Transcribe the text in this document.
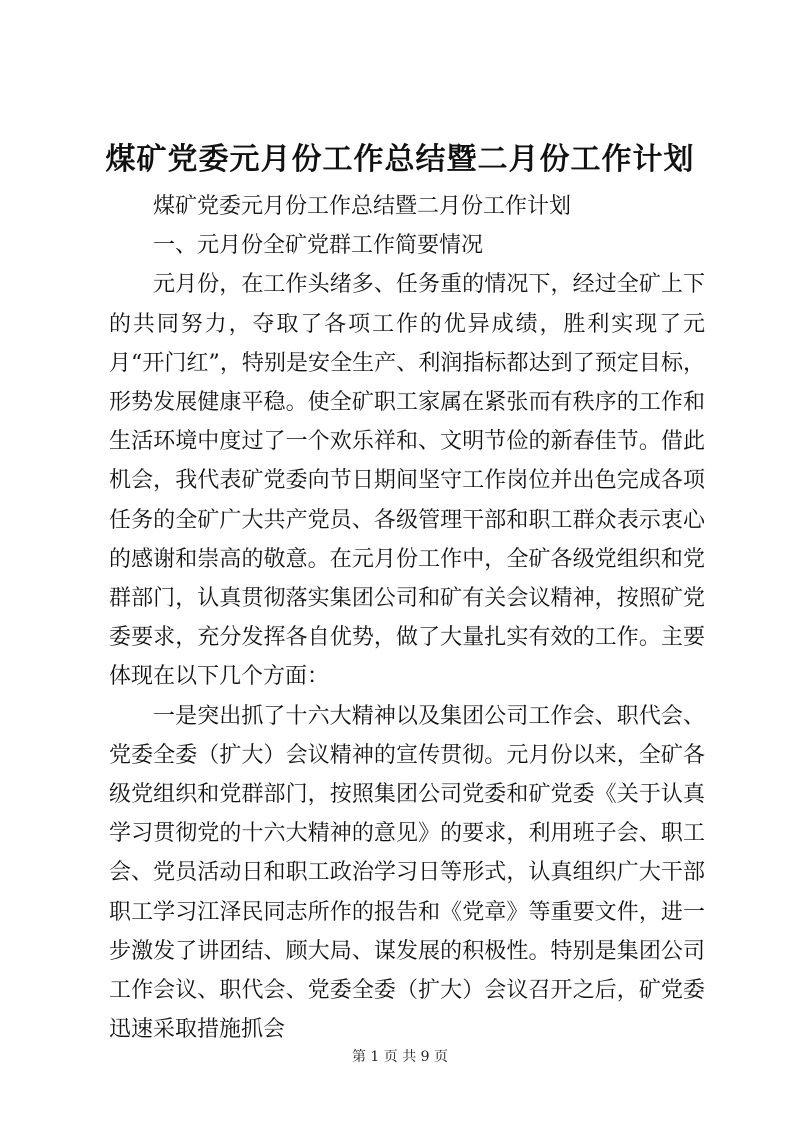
煤矿党委元月份工作总结暨二月份工作计划

煤矿党委元月份工作总结暨二月份工作计划

一、元月份全矿党群工作简要情况

元月份，在工作头绪多、任务重的情况下，经过全矿上下的共同努力，夺取了各项工作的优异成绩，胜利实现了元月“开门红”，特别是安全生产、利润指标都达到了预定目标，形势发展健康平稳。使全矿职工家属在紧张而有秩序的工作和生活环境中度过了一个欢乐祥和、文明节俭的新春佳节。借此机会，我代表矿党委向节日期间坚守工作岗位并出色完成各项任务的全矿广大共产党员、各级管理干部和职工群众表示衷心的感谢和崇高的敬意。在元月份工作中，全矿各级党组织和党群部门，认真贯彻落实集团公司和矿有关会议精神，按照矿党委要求，充分发挥各自优势，做了大量扎实有效的工作。主要体现在以下几个方面：

一是突出抓了十六大精神以及集团公司工作会、职代会、党委全委（扩大）会议精神的宣传贯彻。元月份以来，全矿各级党组织和党群部门，按照集团公司党委和矿党委《关于认真学习贯彻党的十六大精神的意见》的要求，利用班子会、职工会、党员活动日和职工政治学习日等形式，认真组织广大干部职工学习江泽民同志所作的报告和《党章》等重要文件，进一步激发了讲团结、顾大局、谋发展的积极性。特别是集团公司工作会议、职代会、党委全委（扩大）会议召开之后，矿党委迅速采取措施抓会

第 1 页 共 9 页
